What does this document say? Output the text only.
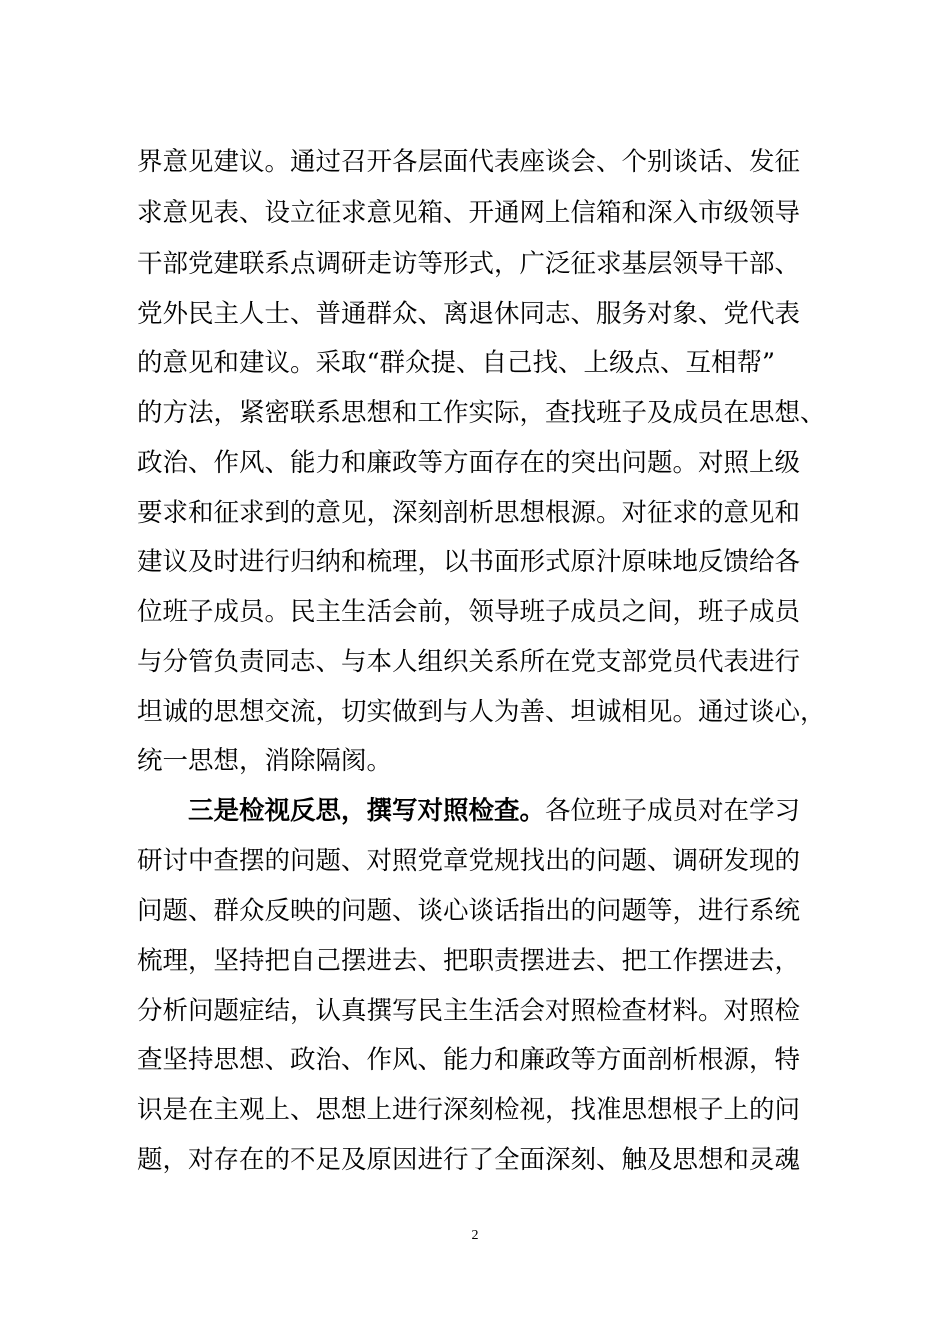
界意见建议。通过召开各层面代表座谈会、个别谈话、发征
求意见表、设立征求意见箱、开通网上信箱和深入市级领导
干部党建联系点调研走访等形式，广泛征求基层领导干部、
党外民主人士、普通群众、离退休同志、服务对象、党代表
的意见和建议。采取“群众提、自己找、上级点、互相帮”
的方法，紧密联系思想和工作实际，查找班子及成员在思想、
政治、作风、能力和廉政等方面存在的突出问题。对照上级
要求和征求到的意见，深刻剖析思想根源。对征求的意见和
建议及时进行归纳和梳理，以书面形式原汁原味地反馈给各
位班子成员。民主生活会前，领导班子成员之间，班子成员
与分管负责同志、与本人组织关系所在党支部党员代表进行
坦诚的思想交流，切实做到与人为善、坦诚相见。通过谈心，
统一思想，消除隔阂。
三是检视反思，撰写对照检查。各位班子成员对在学习
研讨中查摆的问题、对照党章党规找出的问题、调研发现的
问题、群众反映的问题、谈心谈话指出的问题等，进行系统
梳理，坚持把自己摆进去、把职责摆进去、把工作摆进去，
分析问题症结，认真撰写民主生活会对照检查材料。对照检
查坚持思想、政治、作风、能力和廉政等方面剖析根源，特
识是在主观上、思想上进行深刻检视，找准思想根子上的问
题，对存在的不足及原因进行了全面深刻、触及思想和灵魂
2
